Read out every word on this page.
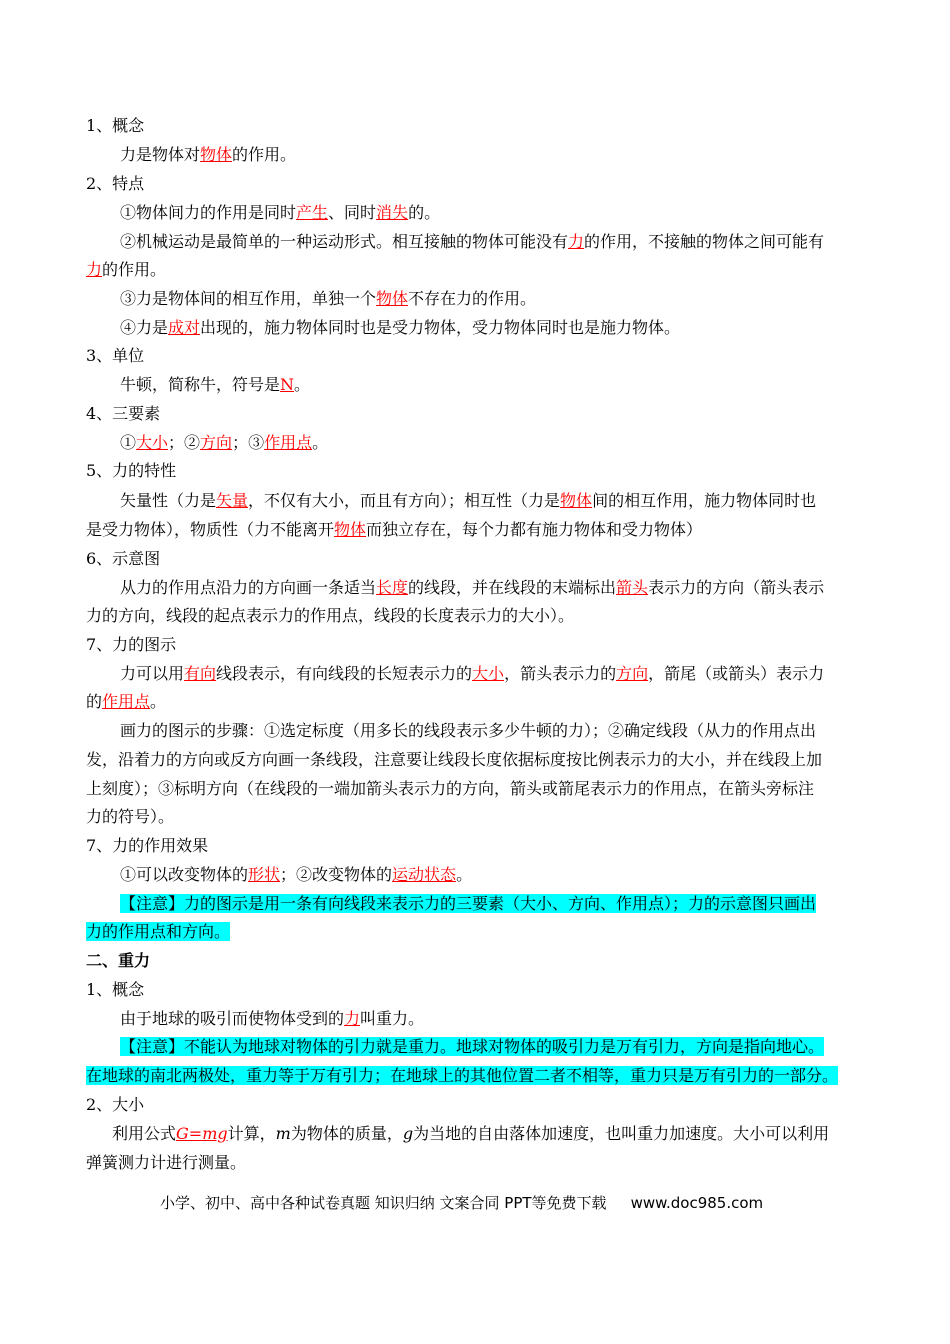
1、概念
力是物体对物体的作用。
2、特点
①物体间力的作用是同时产生、同时消失的。
②机械运动是最简单的一种运动形式。相互接触的物体可能没有力的作用，不接触的物体之间可能有
力的作用。
③力是物体间的相互作用，单独一个物体不存在力的作用。
④力是成对出现的，施力物体同时也是受力物体，受力物体同时也是施力物体。
3、单位
牛顿，简称牛，符号是N。
4、三要素
①大小；②方向；③作用点。
5、力的特性
矢量性（力是矢量，不仅有大小，而且有方向）；相互性（力是物体间的相互作用，施力物体同时也
是受力物体），物质性（力不能离开物体而独立存在，每个力都有施力物体和受力物体）
6、示意图
从力的作用点沿力的方向画一条适当长度的线段，并在线段的末端标出箭头表示力的方向（箭头表示
力的方向，线段的起点表示力的作用点，线段的长度表示力的大小）。
7、力的图示
力可以用有向线段表示，有向线段的长短表示力的大小，箭头表示力的方向，箭尾（或箭头）表示力
的作用点。
画力的图示的步骤：①选定标度（用多长的线段表示多少牛顿的力）；②确定线段（从力的作用点出
发，沿着力的方向或反方向画一条线段，注意要让线段长度依据标度按比例表示力的大小，并在线段上加
上刻度）；③标明方向（在线段的一端加箭头表示力的方向，箭头或箭尾表示力的作用点，在箭头旁标注
力的符号）。
7、力的作用效果
①可以改变物体的形状；②改变物体的运动状态。
【注意】力的图示是用一条有向线段来表示力的三要素（大小、方向、作用点）；力的示意图只画出
力的作用点和方向。
二、重力
1、概念
由于地球的吸引而使物体受到的力叫重力。
【注意】不能认为地球对物体的引力就是重力。地球对物体的吸引力是万有引力，方向是指向地心。
在地球的南北两极处，重力等于万有引力；在地球上的其他位置二者不相等，重力只是万有引力的一部分。
2、大小
利用公式G=mg计算，m为物体的质量，g为当地的自由落体加速度，也叫重力加速度。大小可以利用
弹簧测力计进行测量。
小学、初中、高中各种试卷真题 知识归纳 文案合同 PPT等免费下载 www.doc985.com
